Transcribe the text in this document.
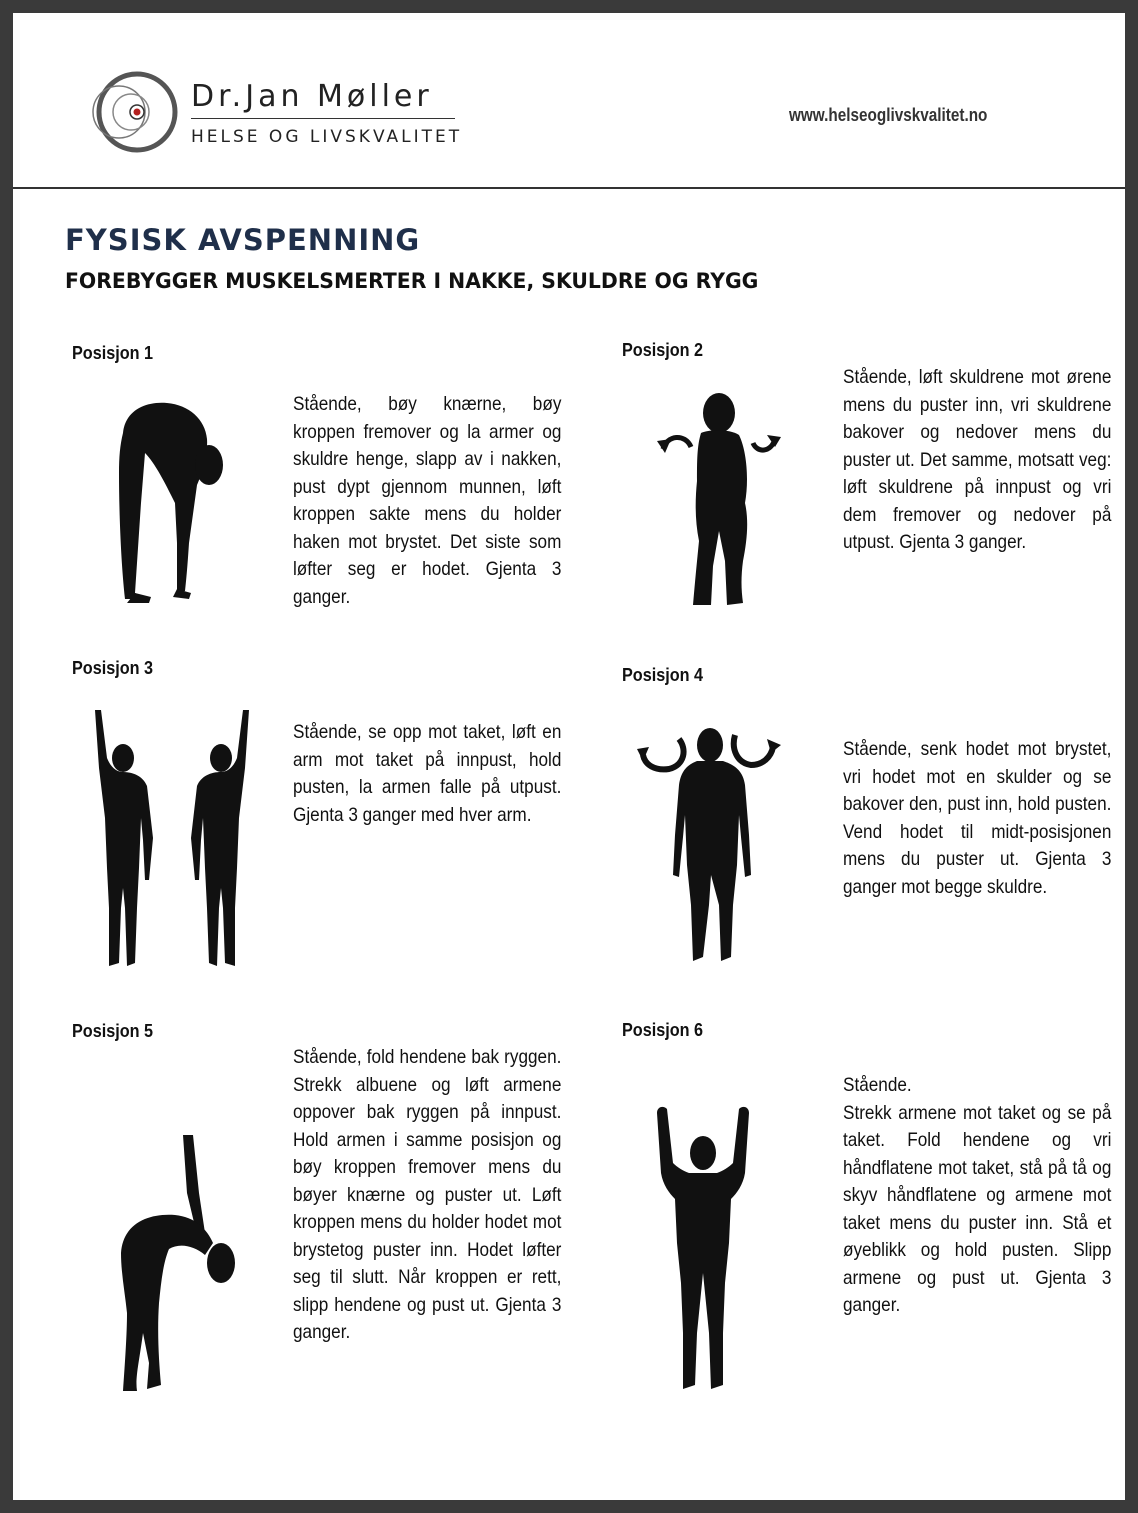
Dr.Jan Møller
HELSE OG LIVSKVALITET
www.helseoglivskvalitet.no
FYSISK AVSPENNING
FOREBYGGER MUSKELSMERTER I NAKKE, SKULDRE OG RYGG
Posisjon 1
Stående, bøy knærne, bøy kroppen fremover og la armer og skuldre henge, slapp av i nakken, pust dypt gjennom munnen, løft kroppen sakte mens du holder haken mot brystet. Det siste som løfter seg er hodet. Gjenta 3 ganger.
Posisjon 2
Stående, løft skuldrene mot ørene mens du puster inn, vri skuldrene bakover og nedover mens du puster ut. Det samme, motsatt veg: løft skuldrene på innpust og vri dem fremover og nedover på utpust. Gjenta 3 ganger.
Posisjon 3
Stående, se opp mot taket, løft en arm mot taket på innpust, hold pusten, la armen falle på utpust. Gjenta 3 ganger med hver arm.
Posisjon 4
Stående, senk hodet mot brystet, vri hodet mot en skulder og se bakover den, pust inn, hold pusten. Vend hodet til midt-posisjonen mens du puster ut. Gjenta 3 ganger mot begge skuldre.
Posisjon 5
Stående, fold hendene bak ryggen. Strekk albuene og løft armene oppover bak ryggen på innpust. Hold armen i samme posisjon og bøy kroppen fremover mens du bøyer knærne og puster ut. Løft kroppen mens du holder hodet mot brystetog puster inn. Hodet løfter seg til slutt. Når kroppen er rett, slipp hendene og pust ut. Gjenta 3 ganger.
Posisjon 6
Stående.
Strekk armene mot taket og se på taket. Fold hendene og vri håndflatene mot taket, stå på tå og skyv håndflatene og armene mot taket mens du puster inn. Stå et øyeblikk og hold pusten. Slipp armene og pust ut. Gjenta 3 ganger.
